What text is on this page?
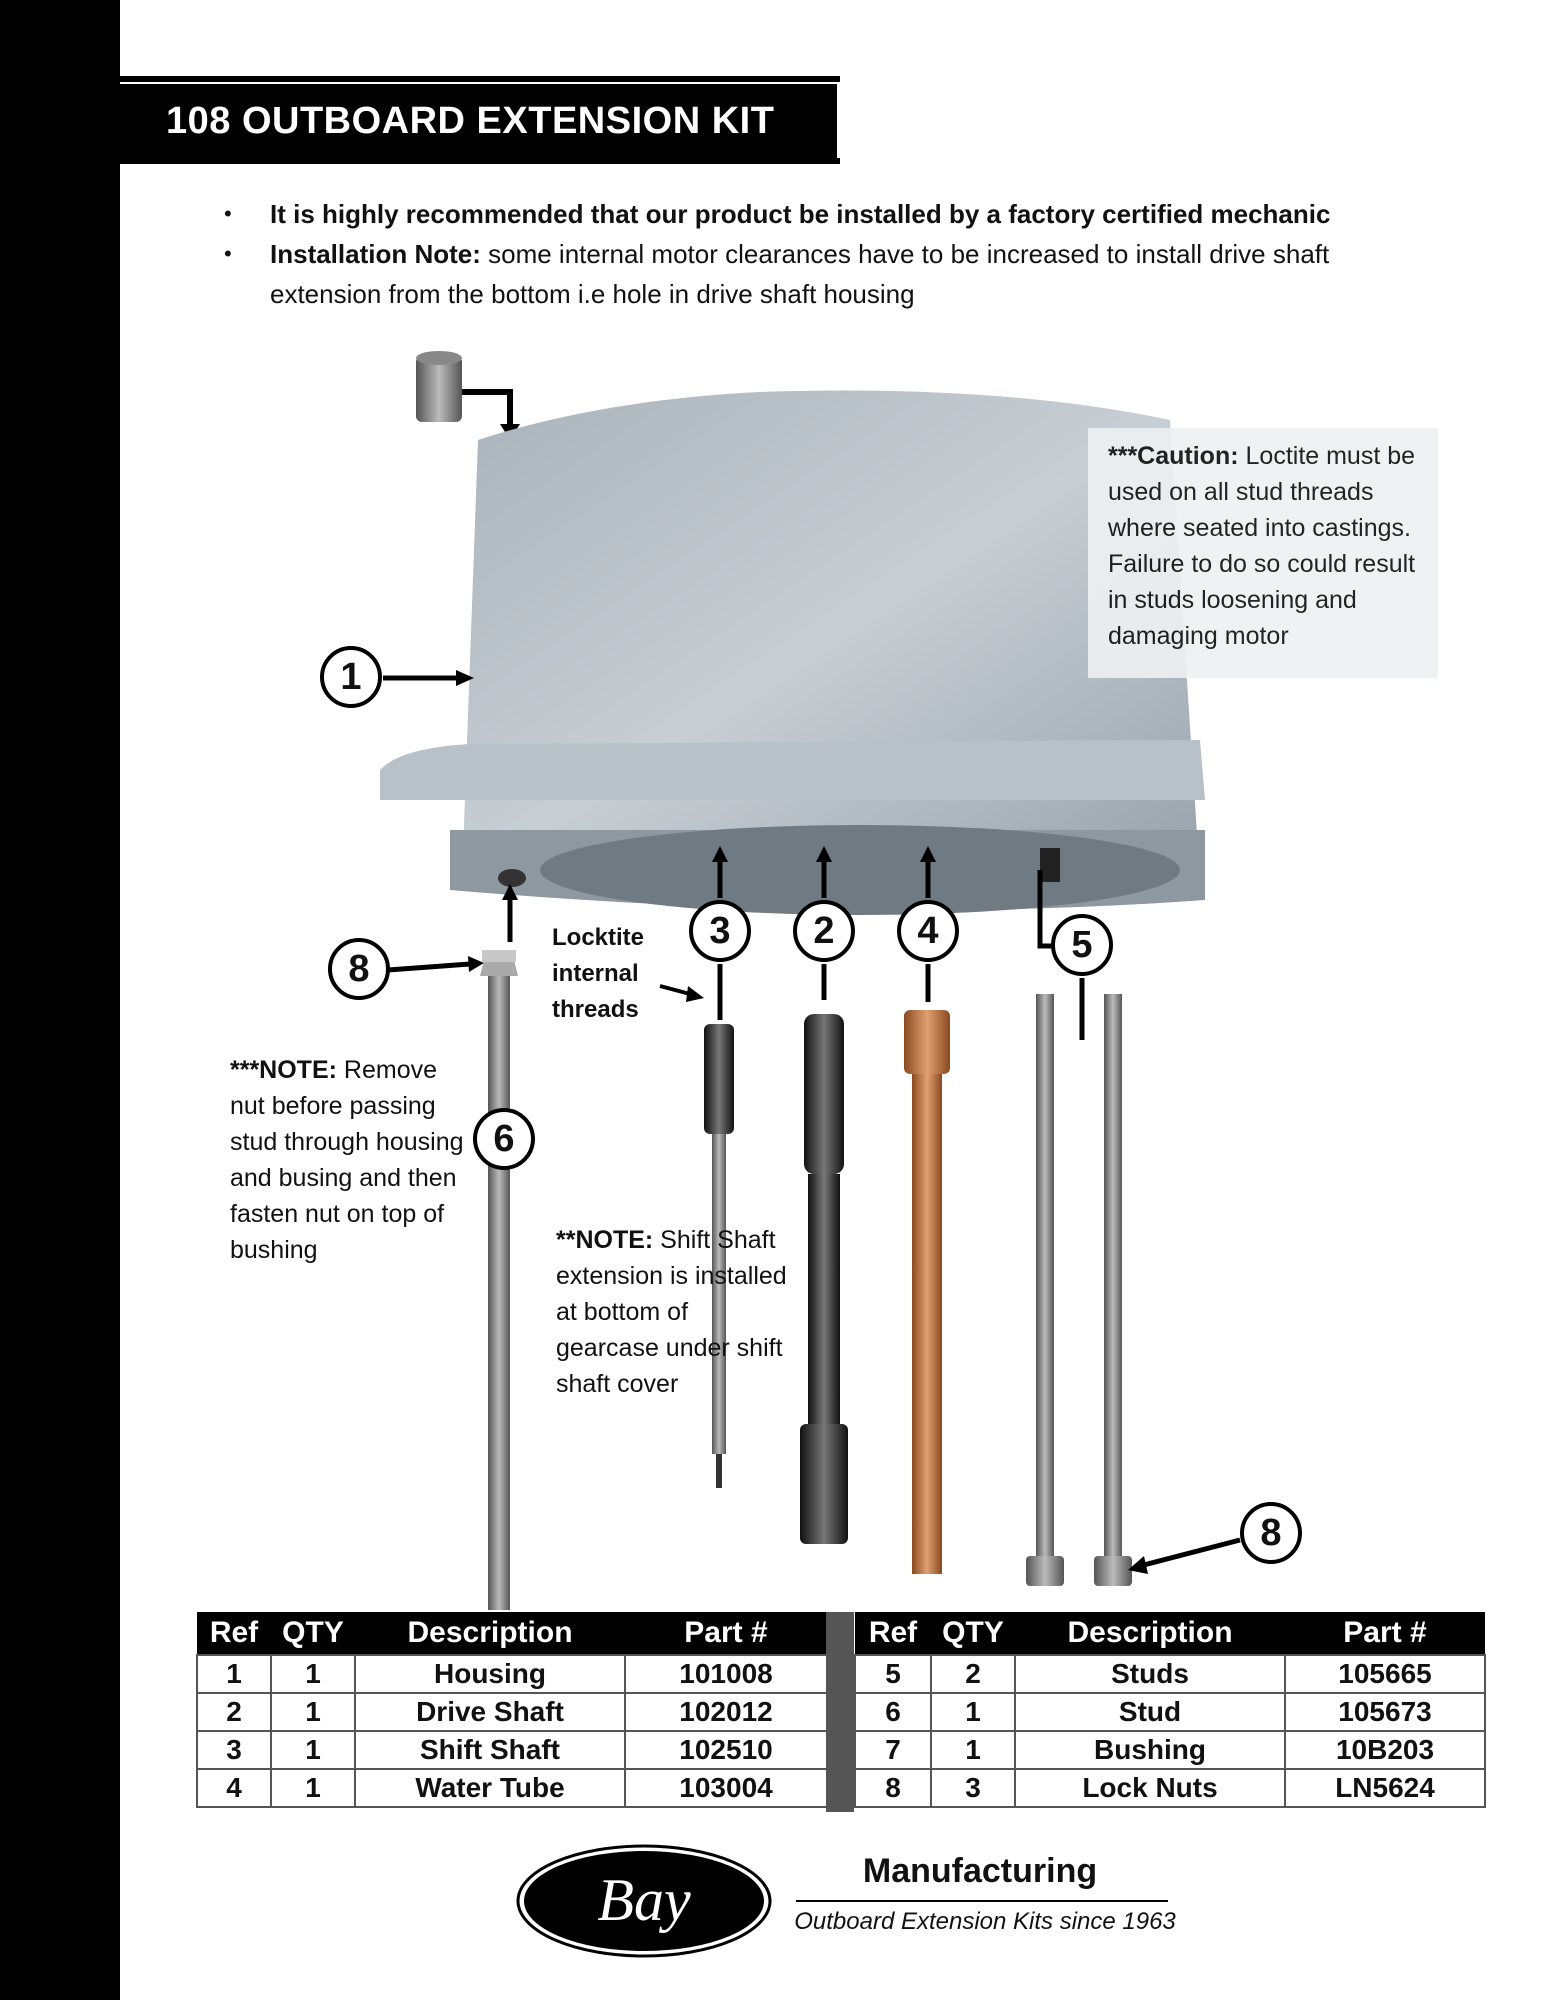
108 OUTBOARD EXTENSION KIT
• It is highly recommended that our product be installed by a factory certified mechanic
• Installation Note: some internal motor clearances have to be increased to install drive shaft extension from the bottom i.e hole in drive shaft housing
***Caution: Loctite must be used on all stud threads where seated into castings. Failure to do so could result in studs loosening and damaging motor
Locktite internal threads
***NOTE: Remove nut before passing stud through housing and busing and then fasten nut on top of bushing	**NOTE: Shift Shaft extension is installed at bottom of gearcase under shift shaft cover
1
8
3	2	4	5
6
8
Ref	QTY	Description	Part #
1	1	Housing	101008
2	1	Drive Shaft	102012
3	1	Shift Shaft	102510
4	1	Water Tube	103004
Ref	QTY	Description	Part #
5	2	Studs	105665
6	1	Stud	105673
7	1	Bushing	10B203
8	3	Lock Nuts	LN5624
Bay	Manufacturing
Outboard Extension Kits since 1963
